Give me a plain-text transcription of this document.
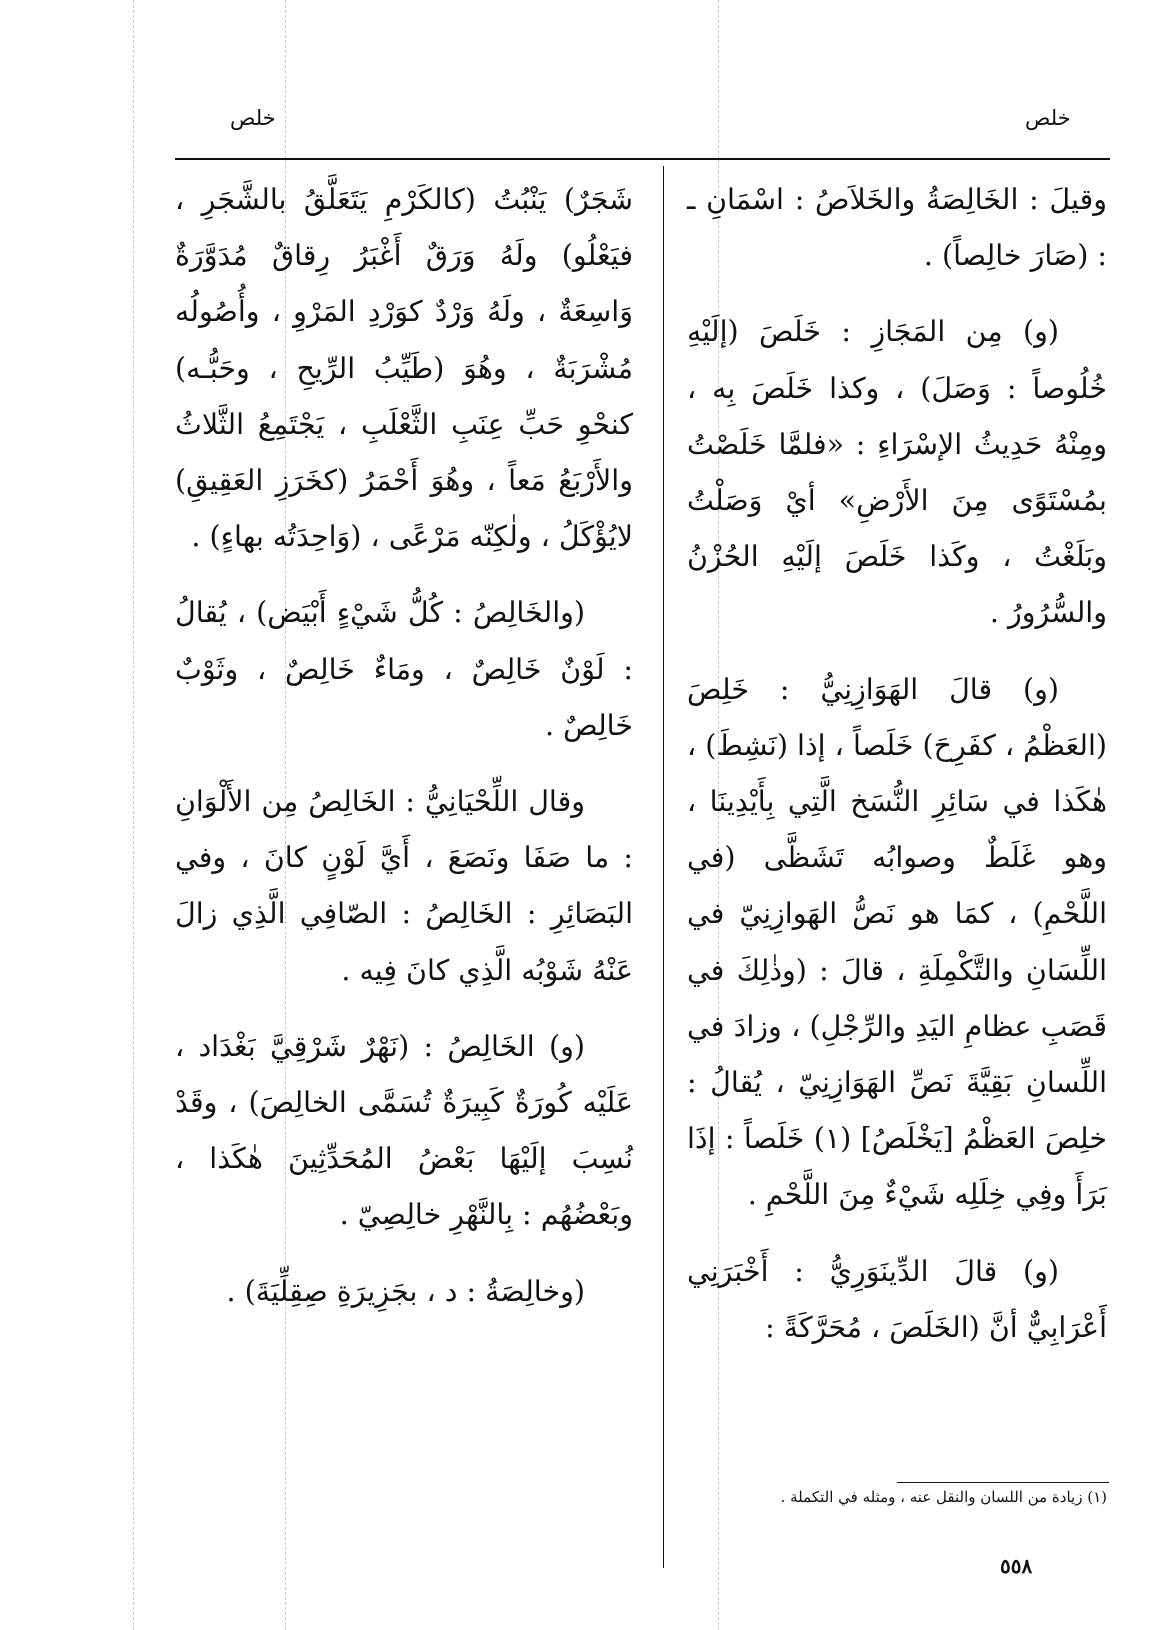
خلص	خلص

وقيلَ : الخَالِصَةُ والخَلاَصُ : اسْمَانِ ـ : (صَارَ خالِصاً) .

(و) مِن المَجَازِ : خَلَصَ (إلَيْهِ خُلُوصاً : وَصَلَ) ، وكذا خَلَصَ بِه ، ومِنْهُ حَدِيثُ الإسْرَاءِ : «فلمَّا خَلَصْتُ بمُسْتَوًى مِنَ الأَرْضِ» أيْ وَصَلْتُ وبَلَغْتُ ، وكَذا خَلَصَ إلَيْهِ الحُزْنُ والسُّرُورُ .

(و) قالَ الهَوَازِنِيُّ : خَلِصَ (العَظْمُ ، كفَرِحَ) خَلَصاً ، إذا (نَشِطَ) ، هٰكَذا في سَائِرِ النُّسَخ الَّتِي بِأَيْدِينَا ، وهو غَلَطٌ وصوابُه تَشَظَّى (في اللَّحْمِ) ، كمَا هو نَصُّ الهَوازِنِيّ في اللِّسَانِ والتَّكْمِلَةِ ، قالَ : (وذٰلِكَ في قَصَبِ عظامِ اليَدِ والرِّجْلِ) ، وزادَ في اللِّسانِ بَقِيَّةَ نَصِّ الهَوَازِنِيّ ، يُقالُ : خلِصَ العَظْمُ [يَخْلَصُ] (١) خَلَصاً : إذَا بَرَأَ وفِي خِلَلِه شَيْءٌ مِنَ اللَّحْمِ .

(و) قالَ الدِّينَوَرِيُّ : أَخْبَرَنِي أَعْرَابِيٌّ أنَّ (الخَلَصَ ، مُحَرَّكَةً :

شَجَرٌ) يَنْبُتُ (كالكَرْمِ يَتَعَلَّقُ بالشَّجَرِ ، فيَعْلُو) ولَهُ وَرَقٌ أَغْبَرُ رِقاقٌ مُدَوَّرَةٌ وَاسِعَةٌ ، ولَهُ وَرْدٌ كوَرْدِ المَرْوِ ، وأُصُولُه مُشْرَبَةٌ ، وهُوَ (طَيِّبُ الرِّيحِ ، وحَبُّـه) كنحْوِ حَبِّ عِنَبِ الثَّعْلَبِ ، يَجْتَمِعُ الثَّلاثُ والأَرْبَعُ مَعاً ، وهُوَ أَحْمَرُ (كخَرَزِ العَقِيقِ) لايُؤْكَلُ ، ولٰكِنّه مَرْعًى ، (وَاحِدَتُه بهاءٍ) .

(والخَالِصُ : كُلُّ شَيْءٍ أَبْيَض) ، يُقالُ : لَوْنٌ خَالِصٌ ، ومَاءٌ خَالِصٌ ، وثَوْبٌ خَالِصٌ .

وقال اللِّحْيَانِيُّ : الخَالِصُ مِن الأَلْوَانِ : ما صَفَا ونَصَعَ ، أَيَّ لَوْنٍ كانَ ، وفي البَصَائِرِ : الخَالِصُ : الصّافِي الَّذِي زالَ عَنْهُ شَوْبُه الَّذِي كانَ فِيه .

(و) الخَالِصُ : (نَهْرٌ شَرْقِيَّ بَغْدَاد ، عَلَيْه كُورَةٌ كَبِيرَةٌ تُسَمَّى الخالِصَ) ، وقَدْ نُسِبَ إلَيْهَا بَعْضُ المُحَدِّثِينَ هٰكَذا ، وبَعْضُهُم : بِالنَّهْرِ خالِصِيّ .

(وخالِصَةُ : د ، بجَزِيرَةِ صِقِلِّيَةَ) .

(١) زيادة من اللسان والنقل عنه ، ومثله في التكملة .
٥٥٨
